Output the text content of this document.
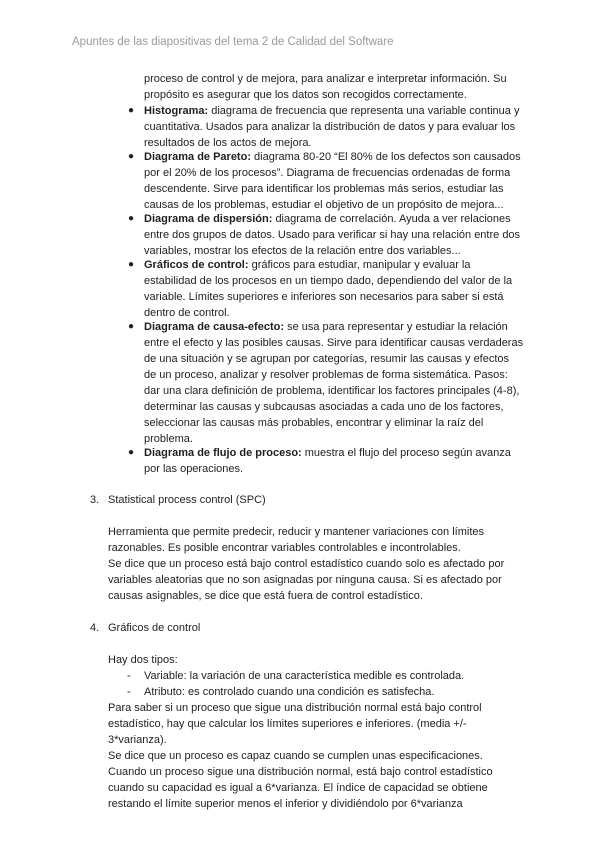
Apuntes de las diapositivas del tema 2 de Calidad del Software
proceso de control y de mejora, para analizar e interpretar información. Su
propósito es asegurar que los datos son recogidos correctamente.
● Histograma: diagrama de frecuencia que representa una variable continua y
cuantitativa. Usados para analizar la distribución de datos y para evaluar los
resultados de los actos de mejora.
● Diagrama de Pareto: diagrama 80-20 “El 80% de los defectos son causados
por el 20% de los procesos”. Diagrama de frecuencias ordenadas de forma
descendente. Sirve para identificar los problemas más serios, estudiar las
causas de los problemas, estudiar el objetivo de un propósito de mejora...
● Diagrama de dispersión: diagrama de correlación. Ayuda a ver relaciones
entre dos grupos de datos. Usado para verificar si hay una relación entre dos
variables, mostrar los efectos de la relación entre dos variables...
● Gráficos de control: gráficos para estudiar, manipular y evaluar la
estabilidad de los procesos en un tiempo dado, dependiendo del valor de la
variable. Límites superiores e inferiores son necesarios para saber si está
dentro de control.
● Diagrama de causa-efecto: se usa para representar y estudiar la relación
entre el efecto y las posibles causas. Sirve para identificar causas verdaderas
de una situación y se agrupan por categorías, resumir las causas y efectos
de un proceso, analizar y resolver problemas de forma sistemática. Pasos:
dar una clara definición de problema, identificar los factores principales (4-8),
determinar las causas y subcausas asociadas a cada uno de los factores,
seleccionar las causas más probables, encontrar y eliminar la raíz del
problema.
● Diagrama de flujo de proceso: muestra el flujo del proceso según avanza
por las operaciones.
3. Statistical process control (SPC)
Herramienta que permite predecir, reducir y mantener variaciones con límites
razonables. Es posible encontrar variables controlables e incontrolables.
Se dice que un proceso está bajo control estadístico cuando solo es afectado por
variables aleatorias que no son asignadas por ninguna causa. Si es afectado por
causas asignables, se dice que está fuera de control estadístico.
4. Gráficos de control
Hay dos tipos:
- Variable: la variación de una característica medible es controlada.
- Atributo: es controlado cuando una condición es satisfecha.
Para saber si un proceso que sigue una distribución normal está bajo control
estadístico, hay que calcular los límites superiores e inferiores. (media +/-
3*varianza).
Se dice que un proceso es capaz cuando se cumplen unas especificaciones.
Cuando un proceso sigue una distribución normal, está bajo control estadístico
cuando su capacidad es igual a 6*varianza. El índice de capacidad se obtiene
restando el límite superior menos el inferior y dividiéndolo por 6*varianza
